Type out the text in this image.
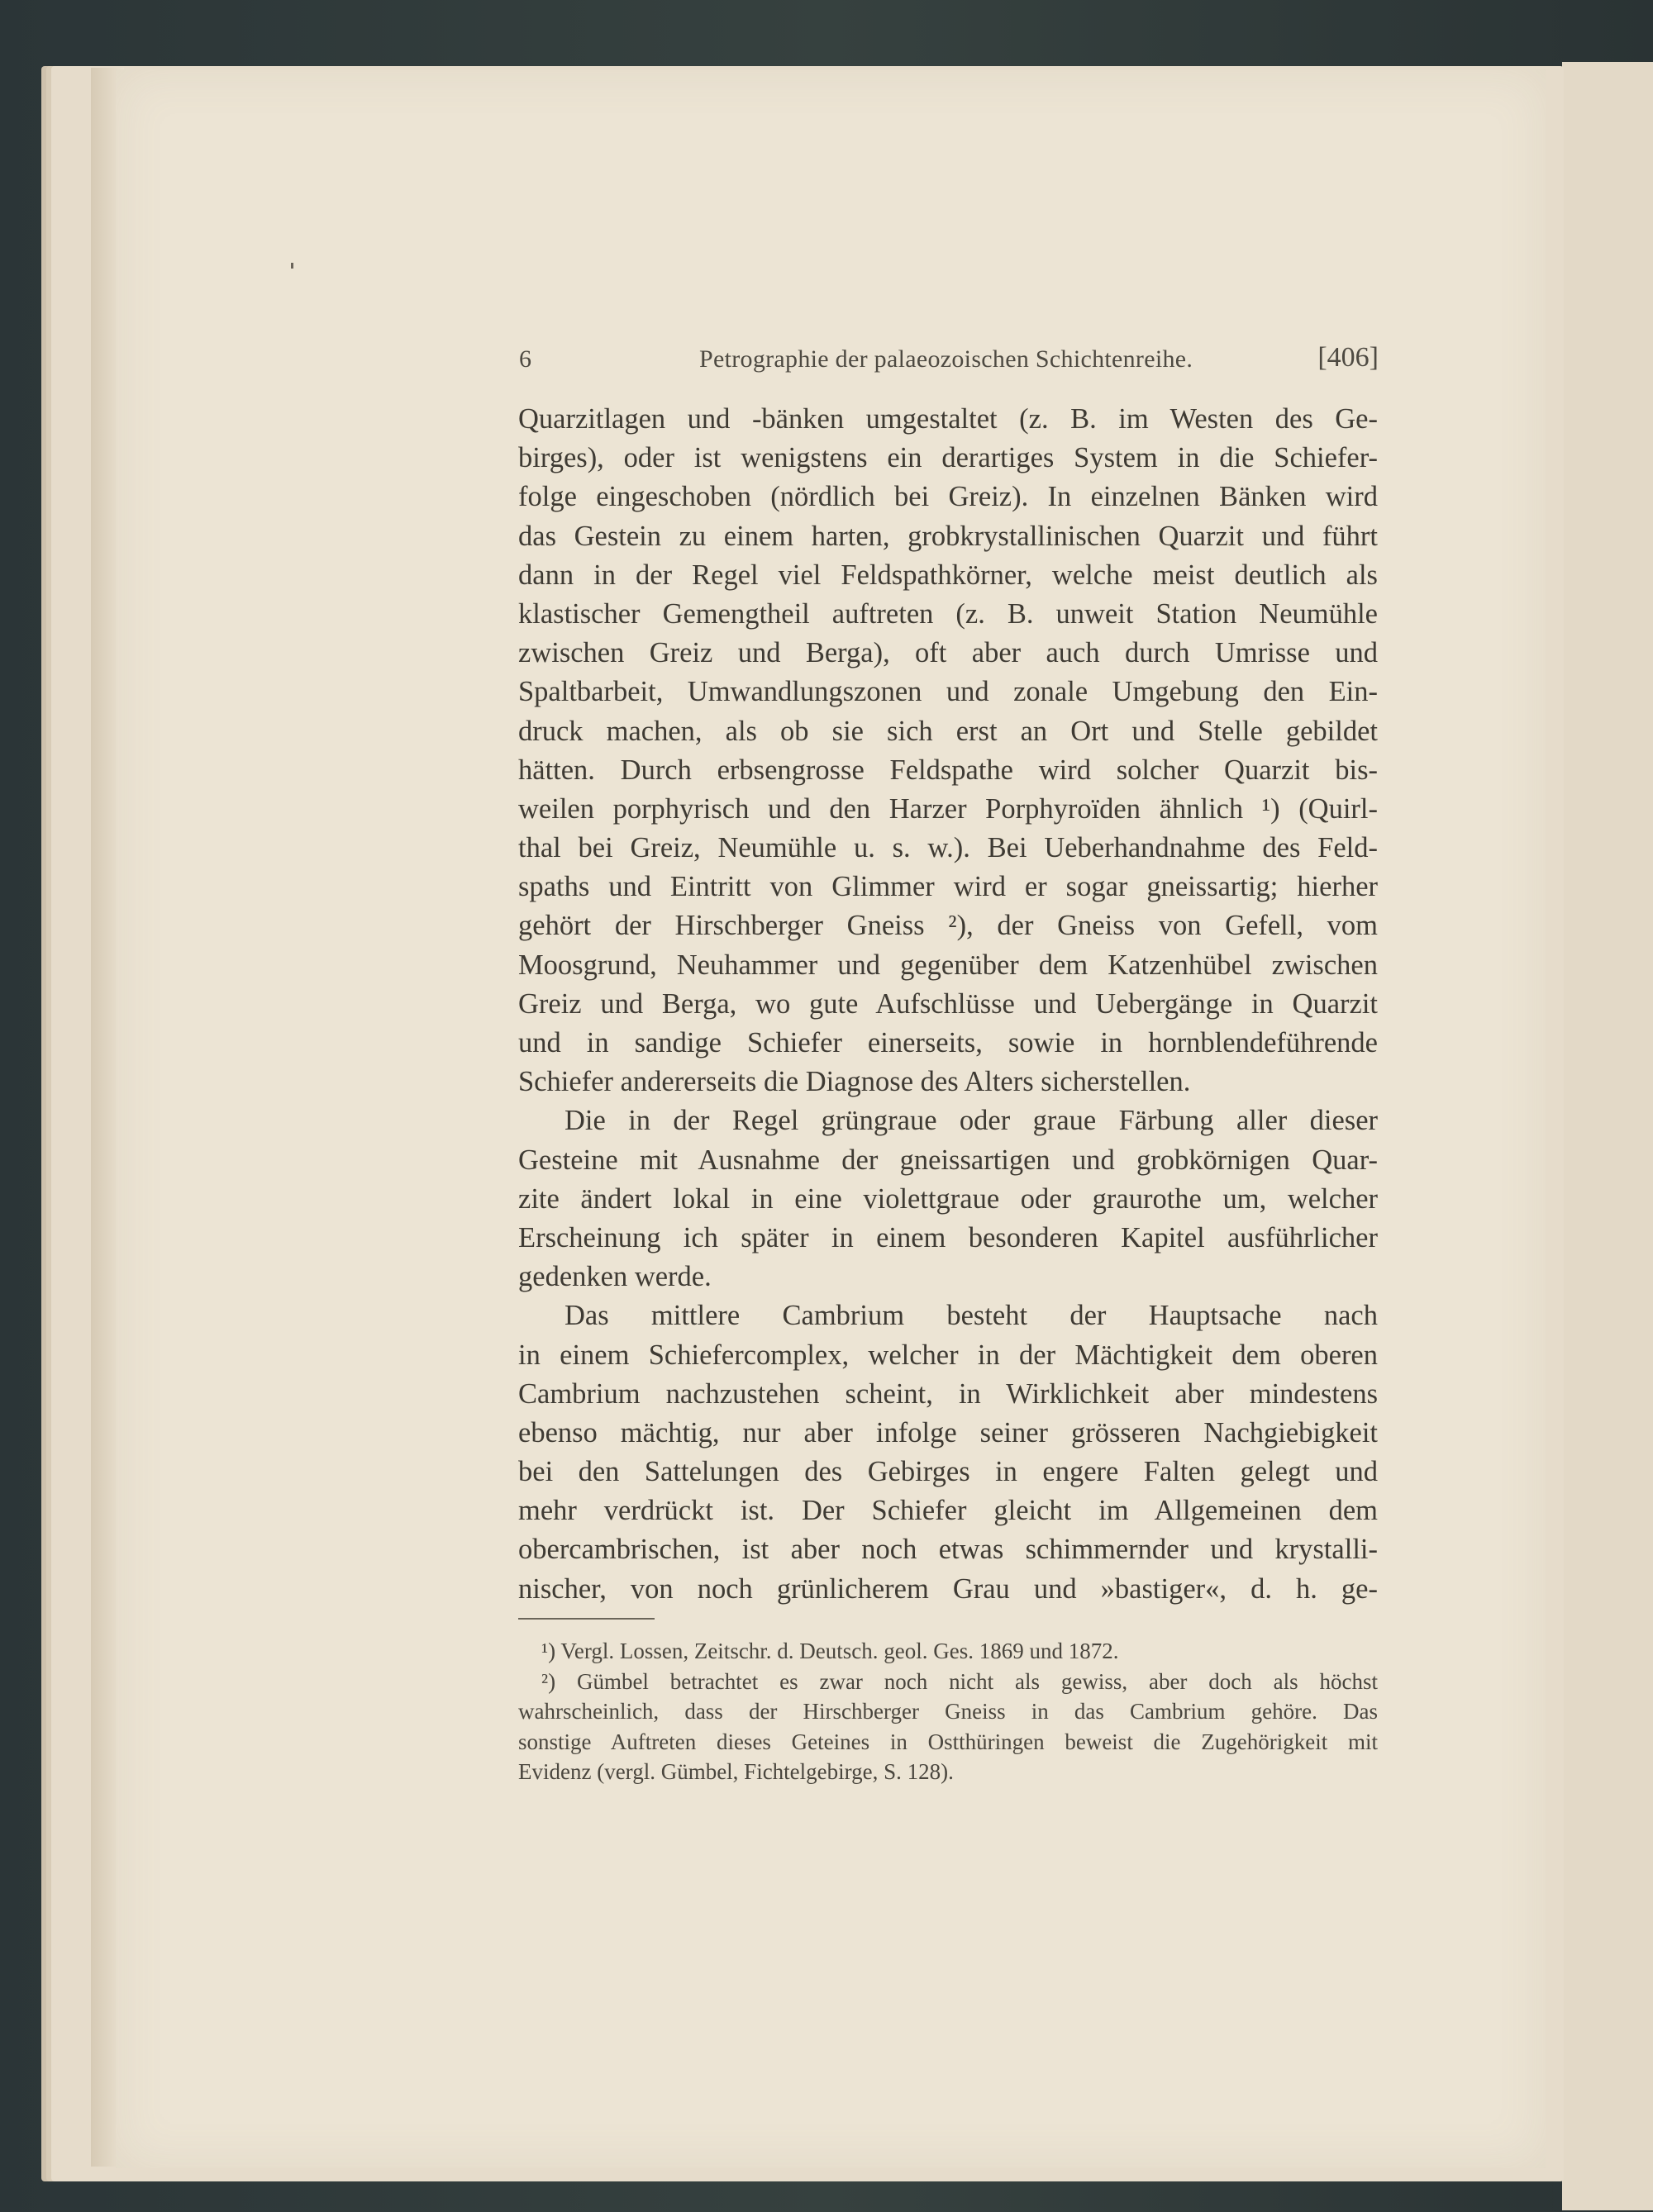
6	Petrographie der palaeozoischen Schichtenreihe.	[406]
Quarzitlagen und -bänken umgestaltet (z. B. im Westen des Ge-
birges), oder ist wenigstens ein derartiges System in die Schiefer-
folge eingeschoben (nördlich bei Greiz). In einzelnen Bänken wird
das Gestein zu einem harten, grobkrystallinischen Quarzit und führt
dann in der Regel viel Feldspathkörner, welche meist deutlich als
klastischer Gemengtheil auftreten (z. B. unweit Station Neumühle
zwischen Greiz und Berga), oft aber auch durch Umrisse und
Spaltbarbeit, Umwandlungszonen und zonale Umgebung den Ein-
druck machen, als ob sie sich erst an Ort und Stelle gebildet
hätten. Durch erbsengrosse Feldspathe wird solcher Quarzit bis-
weilen porphyrisch und den Harzer Porphyroïden ähnlich ¹) (Quirl-
thal bei Greiz, Neumühle u. s. w.). Bei Ueberhandnahme des Feld-
spaths und Eintritt von Glimmer wird er sogar gneissartig; hierher
gehört der Hirschberger Gneiss ²), der Gneiss von Gefell, vom
Moosgrund, Neuhammer und gegenüber dem Katzenhübel zwischen
Greiz und Berga, wo gute Aufschlüsse und Uebergänge in Quarzit
und in sandige Schiefer einerseits, sowie in hornblendeführende
Schiefer andererseits die Diagnose des Alters sicherstellen.
Die in der Regel grüngraue oder graue Färbung aller dieser
Gesteine mit Ausnahme der gneissartigen und grobkörnigen Quar-
zite ändert lokal in eine violettgraue oder graurothe um, welcher
Erscheinung ich später in einem besonderen Kapitel ausführlicher
gedenken werde.
Das mittlere Cambrium besteht der Hauptsache nach
in einem Schiefercomplex, welcher in der Mächtigkeit dem oberen
Cambrium nachzustehen scheint, in Wirklichkeit aber mindestens
ebenso mächtig, nur aber infolge seiner grösseren Nachgiebigkeit
bei den Sattelungen des Gebirges in engere Falten gelegt und
mehr verdrückt ist. Der Schiefer gleicht im Allgemeinen dem
obercambrischen, ist aber noch etwas schimmernder und krystalli-
nischer, von noch grünlicherem Grau und »bastiger«, d. h. ge-
¹) Vergl. Lossen, Zeitschr. d. Deutsch. geol. Ges. 1869 und 1872.
²) Gümbel betrachtet es zwar noch nicht als gewiss, aber doch als höchst
wahrscheinlich, dass der Hirschberger Gneiss in das Cambrium gehöre. Das
sonstige Auftreten dieses Geteines in Ostthüringen beweist die Zugehörigkeit mit
Evidenz (vergl. Gümbel, Fichtelgebirge, S. 128).
